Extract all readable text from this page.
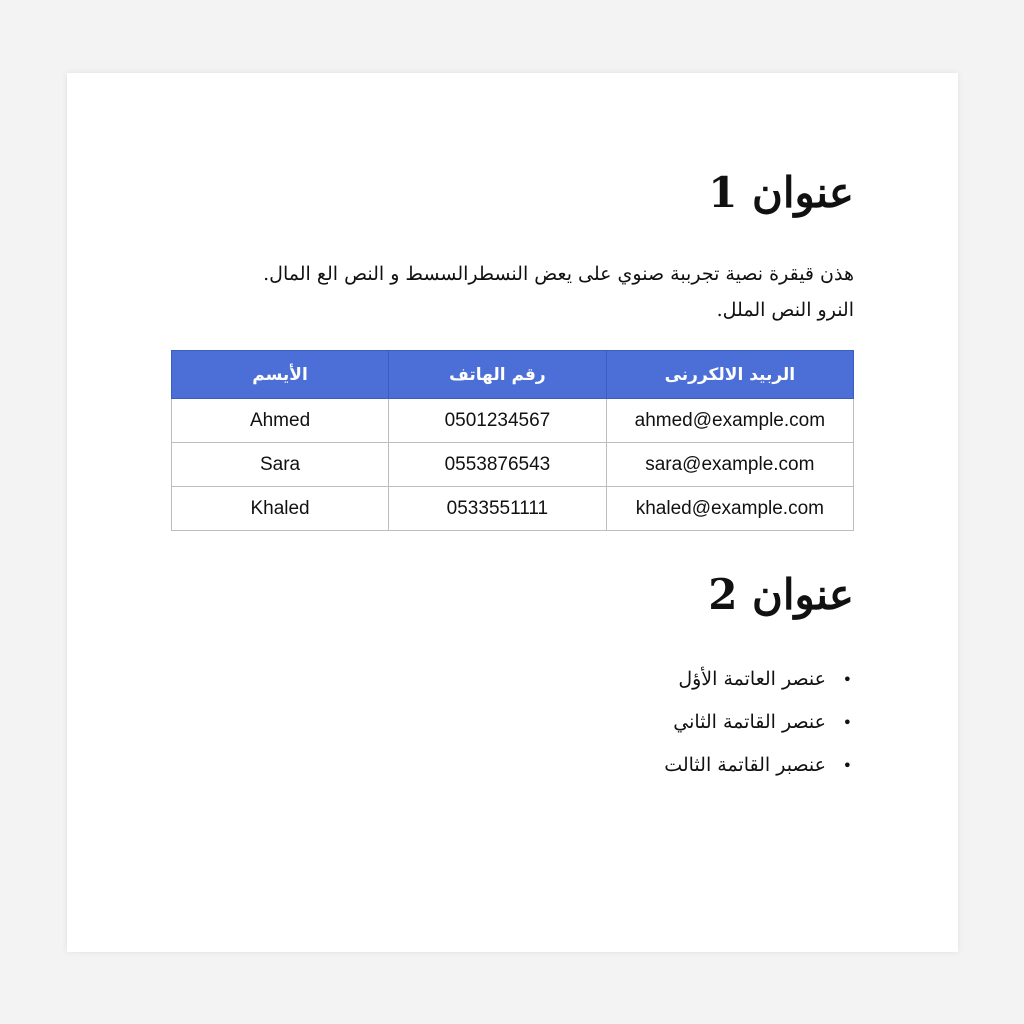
عنوان 1

هذن قيقرة نصية تجرببة صنوي على يعض النسطرالسسط و النص الع المال.
النرو النص الملل.

الربيد الالكررنى	رقم الهاتف	الأيسم
ahmed@example.com	0501234567	Ahmed
sara@example.com	0553876543	Sara
khaled@example.com	0533551111	Khaled
عنوان 2
•
عنصر العاتمة الأؤل
•
عنصر القاتمة الثاني
•
عنصبر القاتمة الثالت
